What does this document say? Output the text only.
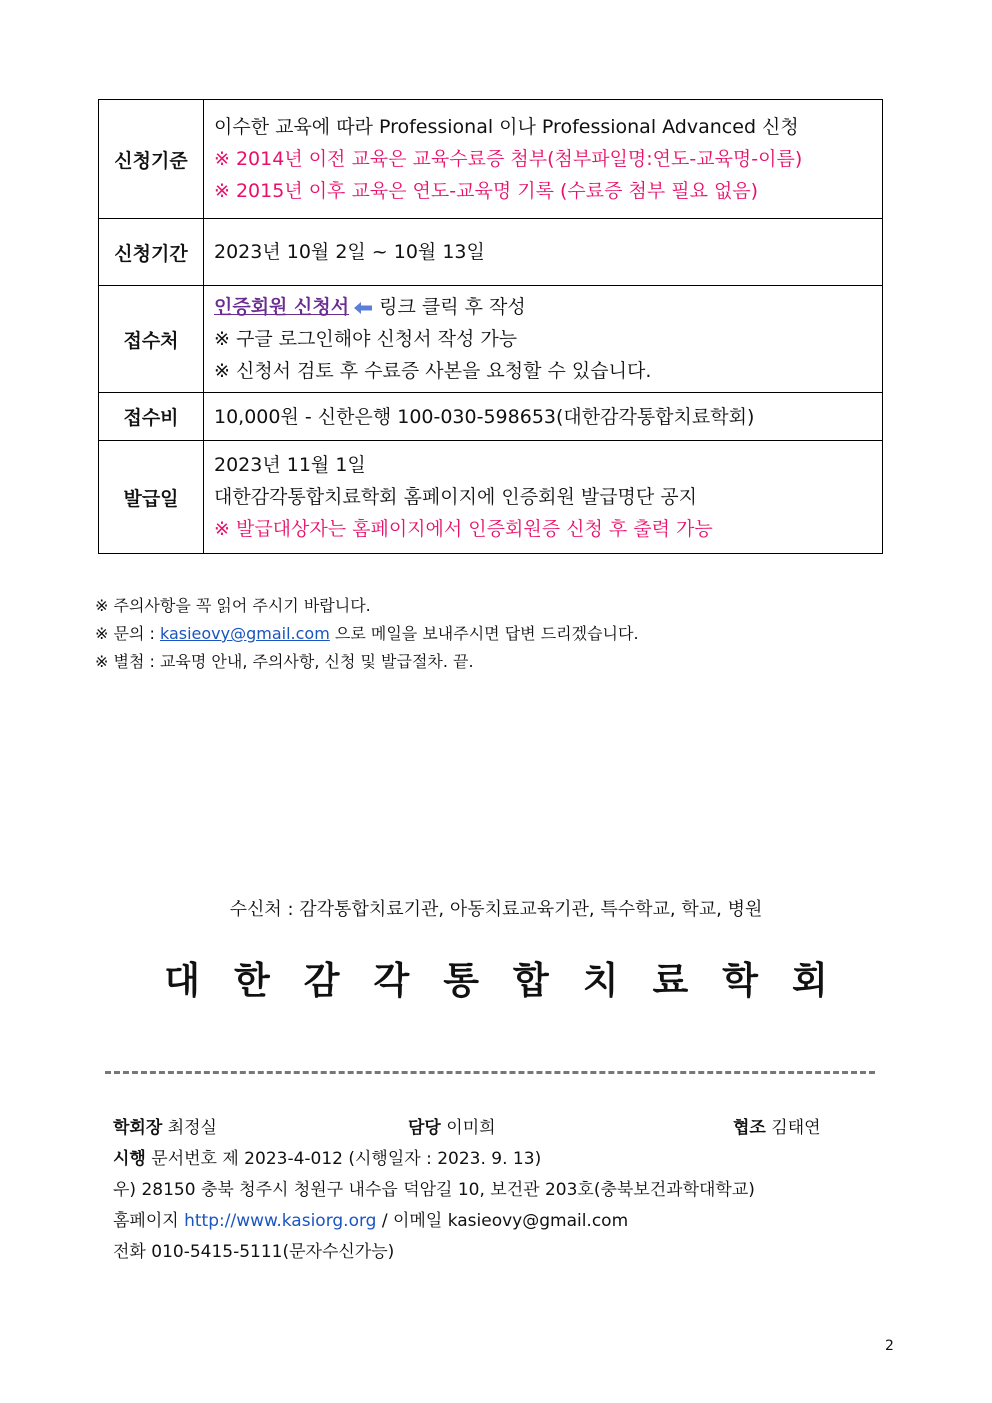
신청기준	이수한 교육에 따라 Professional 이나 Professional Advanced 신청
※ 2014년 이전 교육은 교육수료증 첨부(첨부파일명:연도-교육명-이름)
※ 2015년 이후 교육은 연도-교육명 기록 (수료증 첨부 필요 없음)

신청기간	2023년 10월 2일 ~ 10월 13일

접수처	인증회원 신청서 링크 클릭 후 작성
※ 구글 로그인해야 신청서 작성 가능
※ 신청서 검토 후 수료증 사본을 요청할 수 있습니다.

접수비	10,000원 - 신한은행 100-030-598653(대한감각통합치료학회)

발급일	2023년 11월 1일
대한감각통합치료학회 홈페이지에 인증회원 발급명단 공지
※ 발급대상자는 홈페이지에서 인증회원증 신청 후 출력 가능
※ 주의사항을 꼭 읽어 주시기 바랍니다.
※ 문의 : kasieovy@gmail.com 으로 메일을 보내주시면 답변 드리겠습니다.
※ 별첨 : 교육명 안내, 주의사항, 신청 및 발급절차. 끝.
수신처 : 감각통합치료기관, 아동치료교육기관, 특수학교, 학교, 병원
대한감각통합치료학회
학회장 최정실	담당 이미희	협조 김태연
시행 문서번호 제 2023-4-012 (시행일자 : 2023. 9. 13)
우) 28150 충북 청주시 청원구 내수읍 덕암길 10, 보건관 203호(충북보건과학대학교)
홈페이지 http://www.kasiorg.org / 이메일 kasieovy@gmail.com
전화 010-5415-5111(문자수신가능)
2
